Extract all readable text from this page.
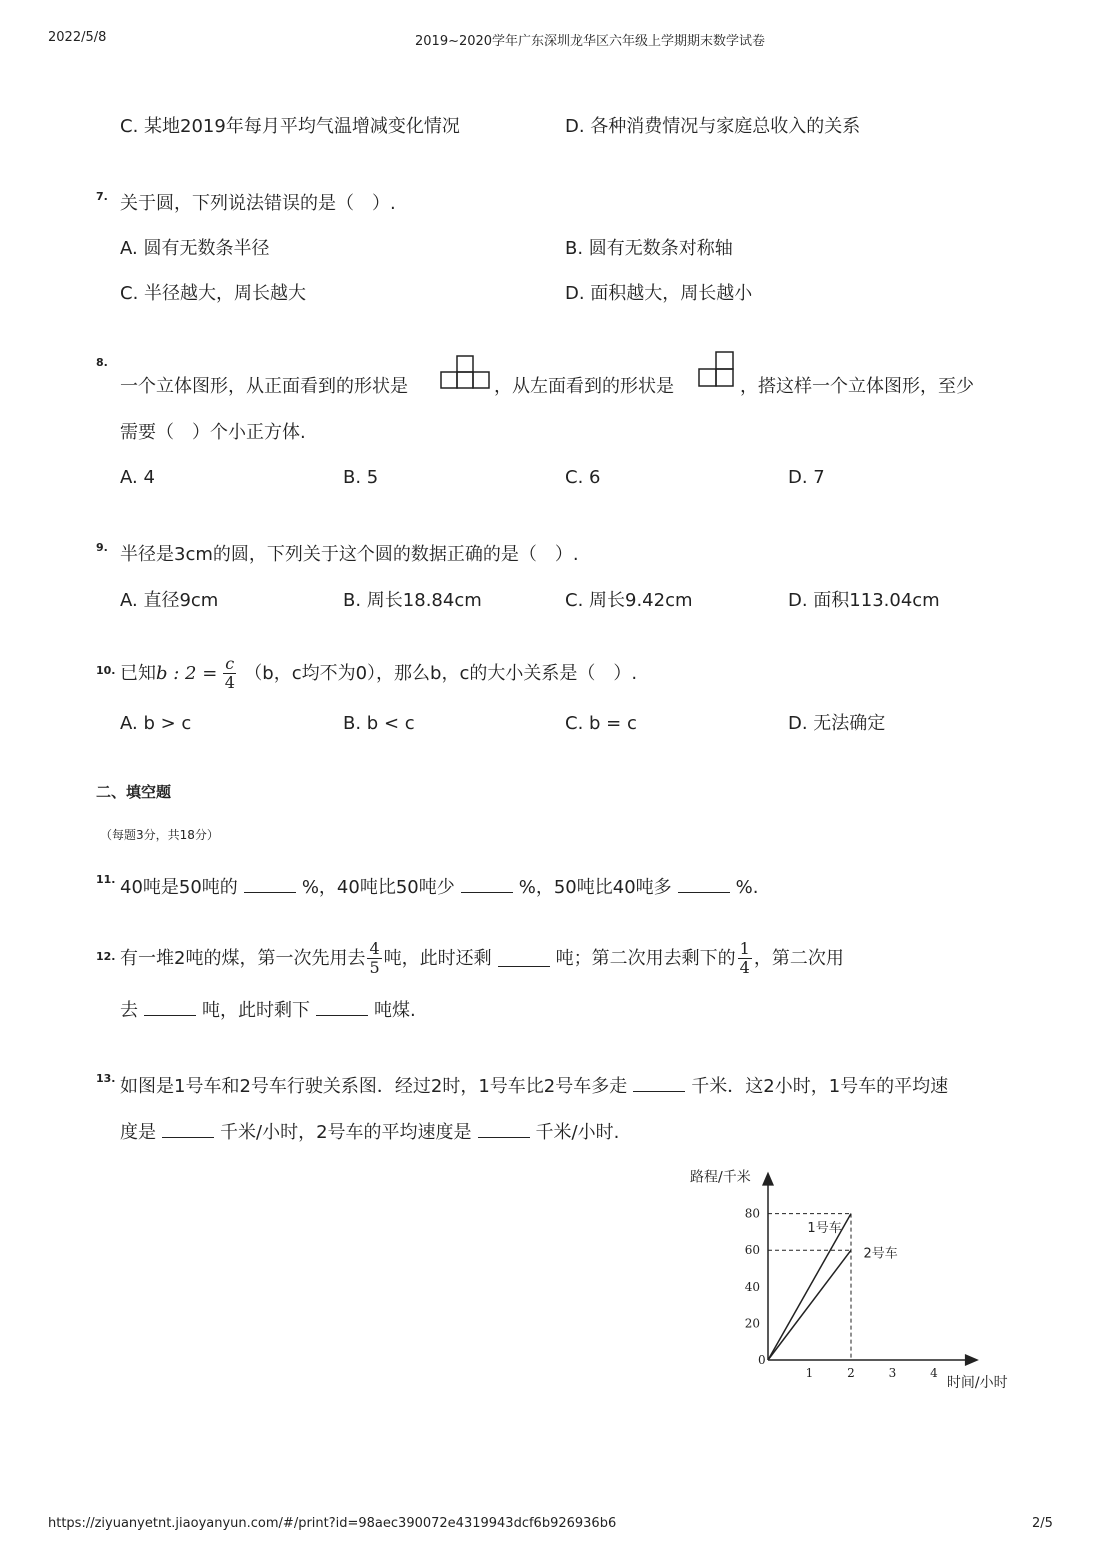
2022/5/8	2019~2020学年广东深圳龙华区六年级上学期期末数学试卷
C. 某地2019年每月平均气温增减变化情况	D. 各种消费情况与家庭总收入的关系
7. 关于圆，下列说法错误的是（　）.
A. 圆有无数条半径	B. 圆有无数条对称轴
C. 半径越大，周长越大	D. 面积越大，周长越小
8.
一个立体图形，从正面看到的形状是	，从左面看到的形状是	，搭这样一个立体图形，至少
需要（　）个小正方体.
A. 4	B. 5	C. 6	D. 7
9. 半径是3cm的圆，下列关于这个圆的数据正确的是（　）.
A. 直径9cm	B. 周长18.84cm	C. 周长9.42cm	D. 面积113.04cm
10. 已知 b : $2 = \frac{c}{4} (b$，c均不为0），那么b，c的大小关系是（　）.
A. b > c	B. b < c	C. b = c	D. 无法确定
二、填空题
（每题3分，共18分）
11. 40吨是50吨的	%，40吨比50吨少	%，50吨比40吨多	%.
12. 有一堆2吨的煤，第一次先用去 $\frac{4}{5}$ 吨，此时还剩	吨；第二次用去剩下的 $\frac{1}{4}$ ，第二次用
去	吨，此时剩下	吨煤.
13. 如图是1号车和2号车行驶关系图．经过2时，1号车比2号车多走	千米．这2小时，1号车的平均速
度是	千米/小时，2号车的平均速度是	千米/小时.
路程/千米
时间/小时
0
20
40
60
80
1	2	3	4
1号车
2号车
https://ziyuanyetnt.jiaoyanyun.com/#/print?id=98aec390072e4319943dcf6b926936b6	2/5
